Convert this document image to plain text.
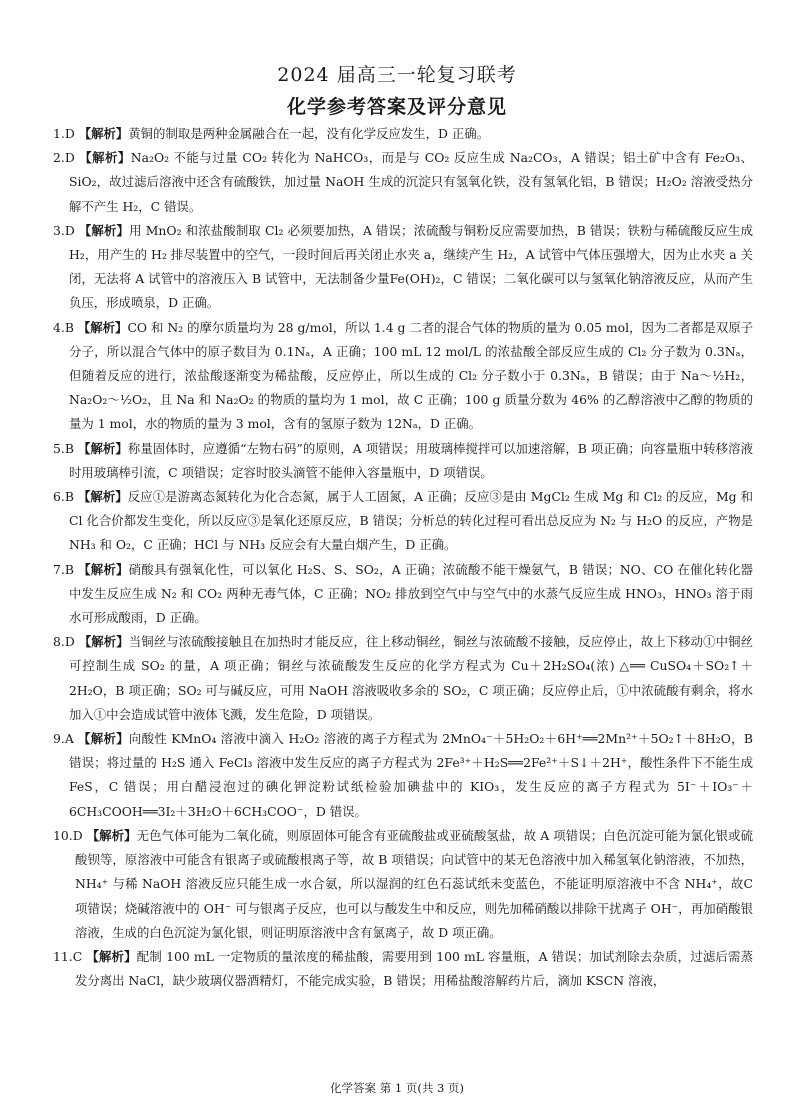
2024 届高三一轮复习联考
化学参考答案及评分意见

1.D 【解析】黄铜的制取是两种金属融合在一起，没有化学反应发生，D 正确。

2.D 【解析】Na₂O₂ 不能与过量 CO₂ 转化为 NaHCO₃，而是与 CO₂ 反应生成 Na₂CO₃，A 错误；铝土矿中含有 Fe₂O₃、SiO₂，故过滤后溶液中还含有硫酸铁，加过量 NaOH 生成的沉淀只有氢氧化铁，没有氢氧化铝，B 错误；H₂O₂ 溶液受热分解不产生 H₂，C 错误。

3.D 【解析】用 MnO₂ 和浓盐酸制取 Cl₂ 必须要加热，A 错误；浓硫酸与铜粉反应需要加热，B 错误；铁粉与稀硫酸反应生成 H₂，用产生的 H₂ 排尽装置中的空气，一段时间后再关闭止水夹 a，继续产生 H₂，A 试管中气体压强增大，因为止水夹 a 关闭，无法将 A 试管中的溶液压入 B 试管中，无法制备少量Fe(OH)₂，C 错误；二氧化碳可以与氢氧化钠溶液反应，从而产生负压，形成喷泉，D 正确。

4.B 【解析】CO 和 N₂ 的摩尔质量均为 28 g/mol，所以 1.4 g 二者的混合气体的物质的量为 0.05 mol，因为二者都是双原子分子，所以混合气体中的原子数目为 0.1Nₐ，A 正确；100 mL 12 mol/L 的浓盐酸全部反应生成的 Cl₂ 分子数为 0.3Nₐ，但随着反应的进行，浓盐酸逐渐变为稀盐酸，反应停止，所以生成的 Cl₂ 分子数小于 0.3Nₐ，B 错误；由于 Na～½H₂，Na₂O₂～½O₂，且 Na 和 Na₂O₂ 的物质的量均为 1 mol，故 C 正确；100 g 质量分数为 46% 的乙醇溶液中乙醇的物质的量为 1 mol，水的物质的量为 3 mol，含有的氢原子数为 12Nₐ，D 正确。

5.B 【解析】称量固体时，应遵循“左物右码”的原则，A 项错误；用玻璃棒搅拌可以加速溶解，B 项正确；向容量瓶中转移溶液时用玻璃棒引流，C 项错误；定容时胶头滴管不能伸入容量瓶中，D 项错误。

6.B 【解析】反应①是游离态氮转化为化合态氮，属于人工固氮，A 正确；反应③是由 MgCl₂ 生成 Mg 和 Cl₂ 的反应，Mg 和 Cl 化合价都发生变化，所以反应③是氧化还原反应，B 错误；分析总的转化过程可看出总反应为 N₂ 与 H₂O 的反应，产物是 NH₃ 和 O₂，C 正确；HCl 与 NH₃ 反应会有大量白烟产生，D 正确。

7.B 【解析】硝酸具有强氧化性，可以氧化 H₂S、S、SO₂，A 正确；浓硫酸不能干燥氨气，B 错误；NO、CO 在催化转化器中发生反应生成 N₂ 和 CO₂ 两种无毒气体，C 正确；NO₂ 排放到空气中与空气中的水蒸气反应生成 HNO₃，HNO₃ 溶于雨水可形成酸雨，D 正确。

8.D 【解析】当铜丝与浓硫酸接触且在加热时才能反应，往上移动铜丝，铜丝与浓硫酸不接触，反应停止，故上下移动①中铜丝可控制生成 SO₂ 的量，A 项正确；铜丝与浓硫酸发生反应的化学方程式为 Cu＋2H₂SO₄(浓) △══ CuSO₄＋SO₂↑＋2H₂O，B 项正确；SO₂ 可与碱反应，可用 NaOH 溶液吸收多余的 SO₂，C 项正确；反应停止后，①中浓硫酸有剩余，将水加入①中会造成试管中液体飞溅，发生危险，D 项错误。

9.A 【解析】向酸性 KMnO₄ 溶液中滴入 H₂O₂ 溶液的离子方程式为 2MnO₄⁻＋5H₂O₂＋6H⁺══2Mn²⁺＋5O₂↑＋8H₂O，B 错误；将过量的 H₂S 通入 FeCl₃ 溶液中发生反应的离子方程式为 2Fe³⁺＋H₂S══2Fe²⁺＋S↓＋2H⁺，酸性条件下不能生成 FeS，C 错误；用白醋浸泡过的碘化钾淀粉试纸检验加碘盐中的 KIO₃，发生反应的离子方程式为 5I⁻＋IO₃⁻＋6CH₃COOH══3I₂＋3H₂O＋6CH₃COO⁻，D 错误。

10.D 【解析】无色气体可能为二氧化硫，则原固体可能含有亚硫酸盐或亚硫酸氢盐，故 A 项错误；白色沉淀可能为氯化银或硫酸钡等，原溶液中可能含有银离子或硫酸根离子等，故 B 项错误；向试管中的某无色溶液中加入稀氢氧化钠溶液，不加热，NH₄⁺ 与稀 NaOH 溶液反应只能生成一水合氨，所以湿润的红色石蕊试纸未变蓝色，不能证明原溶液中不含 NH₄⁺，故C 项错误；烧碱溶液中的 OH⁻ 可与银离子反应，也可以与酸发生中和反应，则先加稀硝酸以排除干扰离子 OH⁻，再加硝酸银溶液，生成的白色沉淀为氯化银，则证明原溶液中含有氯离子，故 D 项正确。

11.C 【解析】配制 100 mL 一定物质的量浓度的稀盐酸，需要用到 100 mL 容量瓶，A 错误；加试剂除去杂质，过滤后需蒸发分离出 NaCl，缺少玻璃仪器酒精灯，不能完成实验，B 错误；用稀盐酸溶解药片后，滴加 KSCN 溶液，

化学答案 第 1 页(共 3 页)
